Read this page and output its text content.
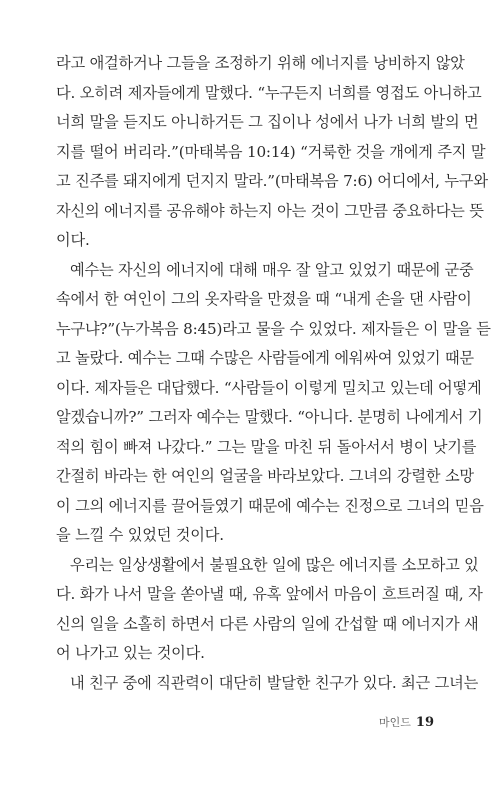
라고 애걸하거나 그들을 조정하기 위해 에너지를 낭비하지 않았
다. 오히려 제자들에게 말했다. “누구든지 너희를 영접도 아니하고
너희 말을 듣지도 아니하거든 그 집이나 성에서 나가 너희 발의 먼
지를 떨어 버리라.”(마태복음 10:14) “거룩한 것을 개에게 주지 말
고 진주를 돼지에게 던지지 말라.”(마태복음 7:6) 어디에서, 누구와
자신의 에너지를 공유해야 하는지 아는 것이 그만큼 중요하다는 뜻
이다.
예수는 자신의 에너지에 대해 매우 잘 알고 있었기 때문에 군중
속에서 한 여인이 그의 옷자락을 만졌을 때 “내게 손을 댄 사람이
누구냐?”(누가복음 8:45)라고 물을 수 있었다. 제자들은 이 말을 듣
고 놀랐다. 예수는 그때 수많은 사람들에게 에워싸여 있었기 때문
이다. 제자들은 대답했다. “사람들이 이렇게 밀치고 있는데 어떻게
알겠습니까?” 그러자 예수는 말했다. “아니다. 분명히 나에게서 기
적의 힘이 빠져 나갔다.” 그는 말을 마친 뒤 돌아서서 병이 낫기를
간절히 바라는 한 여인의 얼굴을 바라보았다. 그녀의 강렬한 소망
이 그의 에너지를 끌어들였기 때문에 예수는 진정으로 그녀의 믿음
을 느낄 수 있었던 것이다.
우리는 일상생활에서 불필요한 일에 많은 에너지를 소모하고 있
다. 화가 나서 말을 쏟아낼 때, 유혹 앞에서 마음이 흐트러질 때, 자
신의 일을 소홀히 하면서 다른 사람의 일에 간섭할 때 에너지가 새
어 나가고 있는 것이다.
내 친구 중에 직관력이 대단히 발달한 친구가 있다. 최근 그녀는
마인드 19
